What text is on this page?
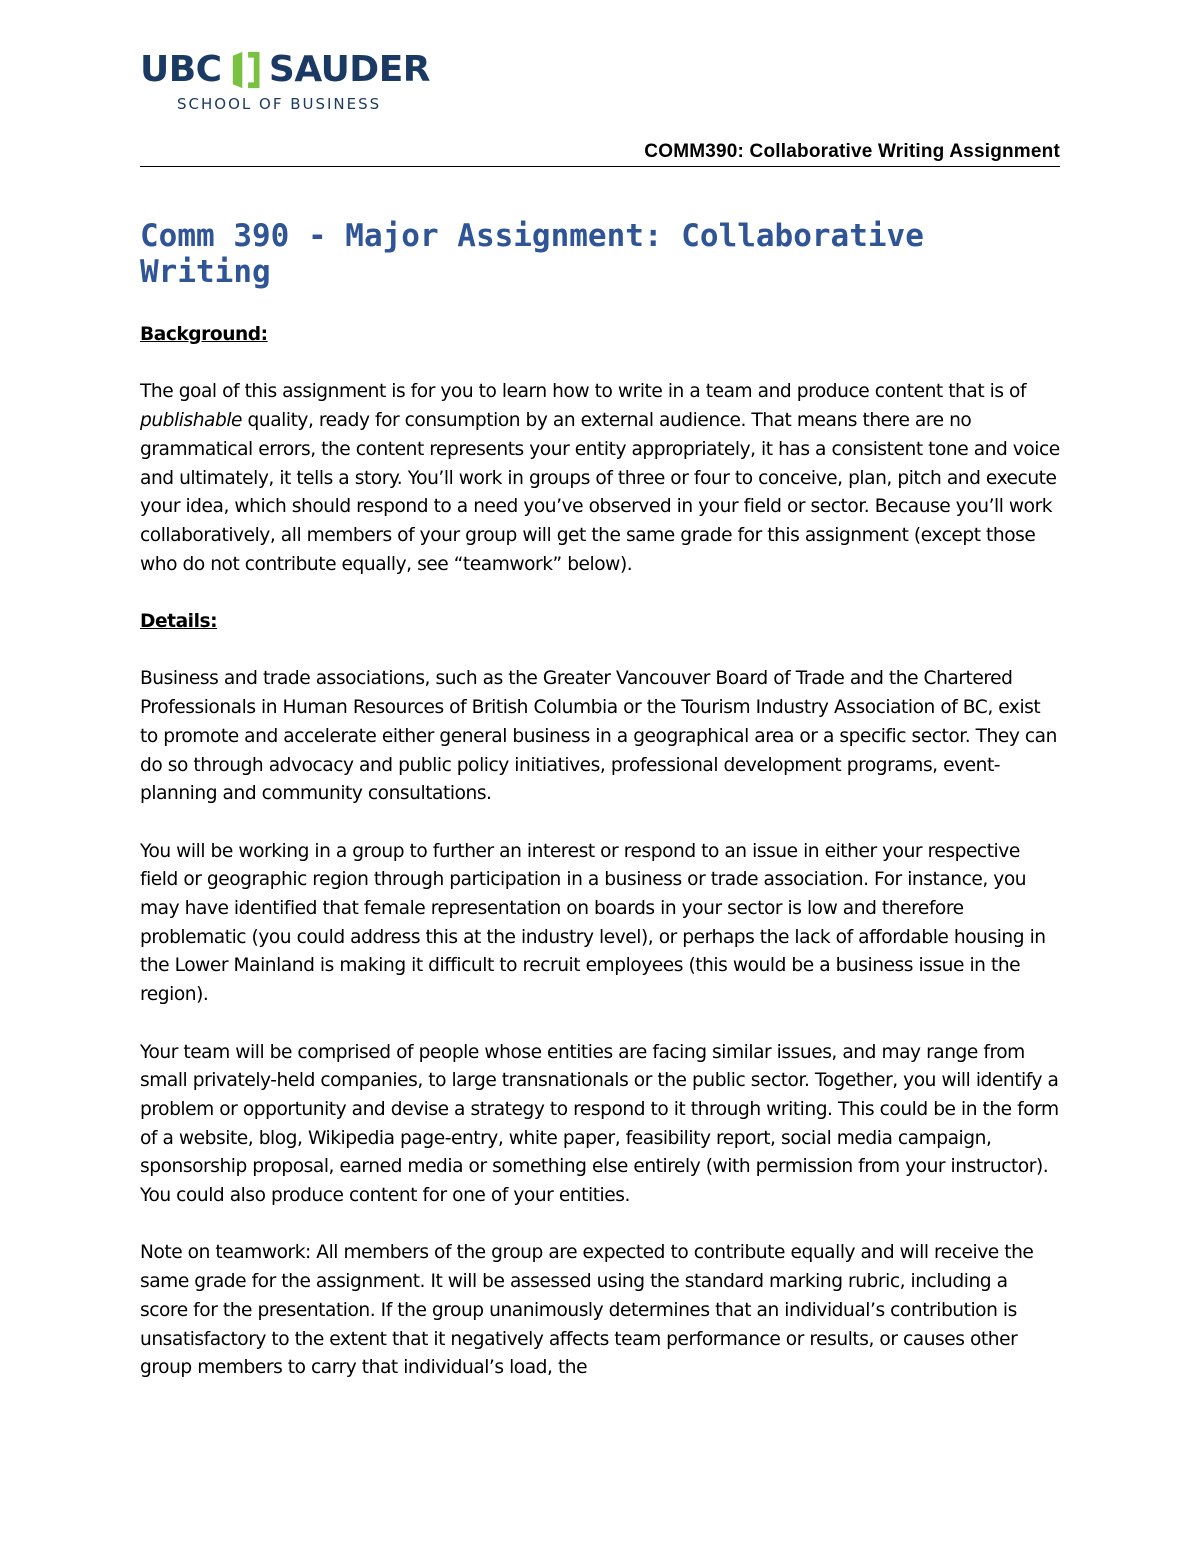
UBC SAUDER
SCHOOL OF BUSINESS
COMM390: Collaborative Writing Assignment
Comm 390 - Major Assignment: Collaborative Writing

Background:

The goal of this assignment is for you to learn how to write in a team and produce content that is of publishable quality, ready for consumption by an external audience. That means there are no grammatical errors, the content represents your entity appropriately, it has a consistent tone and voice and ultimately, it tells a story. You’ll work in groups of three or four to conceive, plan, pitch and execute your idea, which should respond to a need you’ve observed in your field or sector. Because you’ll work collaboratively, all members of your group will get the same grade for this assignment (except those who do not contribute equally, see “teamwork” below).

Details:

Business and trade associations, such as the Greater Vancouver Board of Trade and the Chartered Professionals in Human Resources of British Columbia or the Tourism Industry Association of BC, exist to promote and accelerate either general business in a geographical area or a specific sector. They can do so through advocacy and public policy initiatives, professional development programs, event-planning and community consultations.

You will be working in a group to further an interest or respond to an issue in either your respective field or geographic region through participation in a business or trade association. For instance, you may have identified that female representation on boards in your sector is low and therefore problematic (you could address this at the industry level), or perhaps the lack of affordable housing in the Lower Mainland is making it difficult to recruit employees (this would be a business issue in the region).

Your team will be comprised of people whose entities are facing similar issues, and may range from small privately-held companies, to large transnationals or the public sector. Together, you will identify a problem or opportunity and devise a strategy to respond to it through writing. This could be in the form of a website, blog, Wikipedia page-entry, white paper, feasibility report, social media campaign, sponsorship proposal, earned media or something else entirely (with permission from your instructor). You could also produce content for one of your entities.

Note on teamwork: All members of the group are expected to contribute equally and will receive the same grade for the assignment. It will be assessed using the standard marking rubric, including a score for the presentation. If the group unanimously determines that an individual’s contribution is unsatisfactory to the extent that it negatively affects team performance or results, or causes other group members to carry that individual’s load, the
